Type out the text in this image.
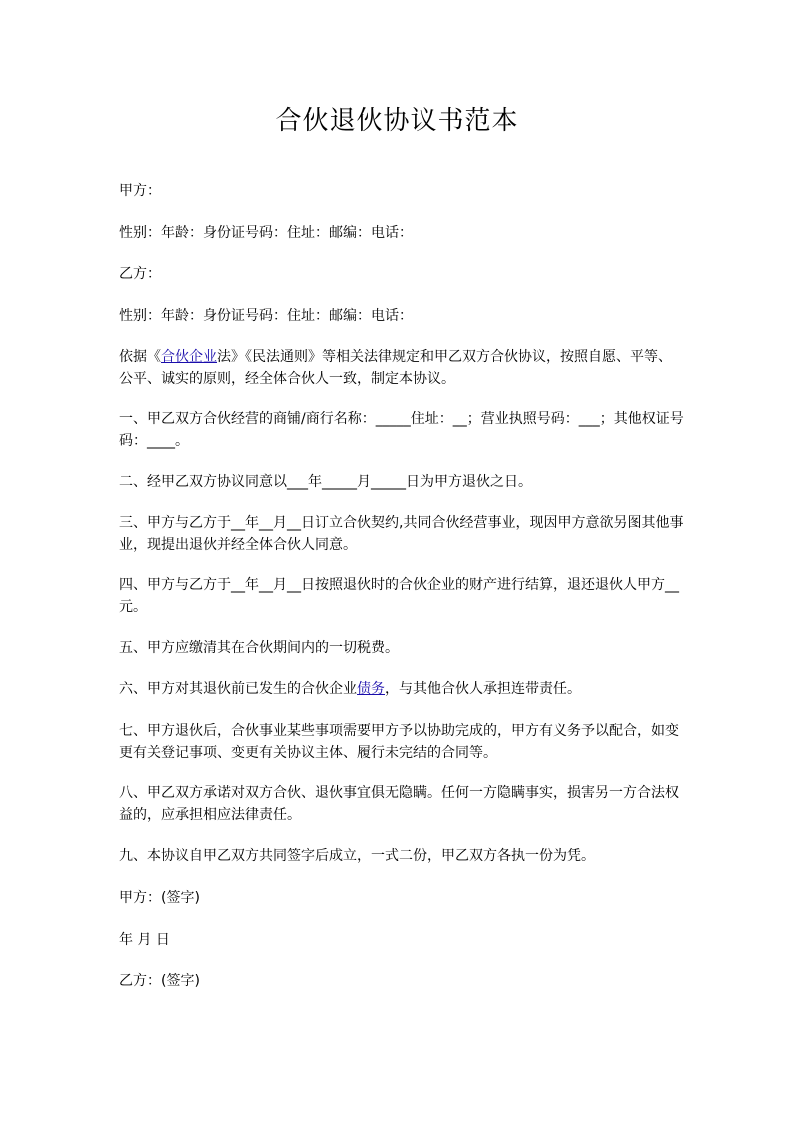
合伙退伙协议书范本

甲方：

性别：年龄：身份证号码：住址：邮编：电话：

乙方：

性别：年龄：身份证号码：住址：邮编：电话：

依据《合伙企业法》《民法通则》等相关法律规定和甲乙双方合伙协议，按照自愿、平等、公平、诚实的原则，经全体合伙人一致，制定本协议。

一、甲乙双方合伙经营的商铺/商行名称：_____住址：__；营业执照号码：___；其他权证号码：____。

二、经甲乙双方协议同意以___年_____月_____日为甲方退伙之日。

三、甲方与乙方于__年__月__日订立合伙契约,共同合伙经营事业，现因甲方意欲另图其他事业，现提出退伙并经全体合伙人同意。

四、甲方与乙方于__年__月__日按照退伙时的合伙企业的财产进行结算，退还退伙人甲方__元。

五、甲方应缴清其在合伙期间内的一切税费。

六、甲方对其退伙前已发生的合伙企业债务，与其他合伙人承担连带责任。

七、甲方退伙后，合伙事业某些事项需要甲方予以协助完成的，甲方有义务予以配合，如变更有关登记事项、变更有关协议主体、履行未完结的合同等。

八、甲乙双方承诺对双方合伙、退伙事宜俱无隐瞒。任何一方隐瞒事实，损害另一方合法权益的，应承担相应法律责任。

九、本协议自甲乙双方共同签字后成立，一式二份，甲乙双方各执一份为凭。

甲方：(签字)

年 月 日

乙方：(签字)
